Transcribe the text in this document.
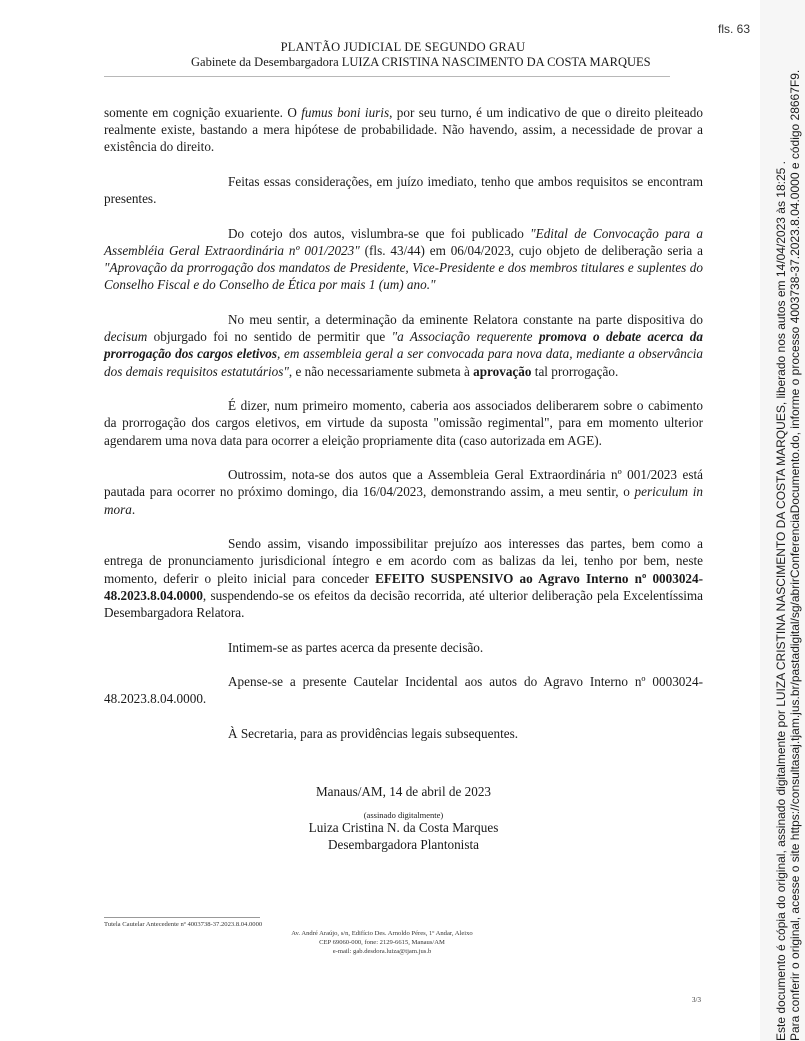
fls. 63
PLANTÃO JUDICIAL DE SEGUNDO GRAU
Gabinete da Desembargadora LUIZA CRISTINA NASCIMENTO DA COSTA MARQUES

somente em cognição exuariente. O fumus boni iuris, por seu turno, é um indicativo de que o direito pleiteado realmente existe, bastando a mera hipótese de probabilidade. Não havendo, assim, a necessidade de provar a existência do direito.

Feitas essas considerações, em juízo imediato, tenho que ambos requisitos se encontram presentes.

Do cotejo dos autos, vislumbra-se que foi publicado "Edital de Convocação para a Assembléia Geral Extraordinária nº 001/2023" (fls. 43/44) em 06/04/2023, cujo objeto de deliberação seria a "Aprovação da prorrogação dos mandatos de Presidente, Vice-Presidente e dos membros titulares e suplentes do Conselho Fiscal e do Conselho de Ética por mais 1 (um) ano."

No meu sentir, a determinação da eminente Relatora constante na parte dispositiva do decisum objurgado foi no sentido de permitir que "a Associação requerente promova o debate acerca da prorrogação dos cargos eletivos, em assembleia geral a ser convocada para nova data, mediante a observância dos demais requisitos estatutários", e não necessariamente submeta à aprovação tal prorrogação.

É dizer, num primeiro momento, caberia aos associados deliberarem sobre o cabimento da prorrogação dos cargos eletivos, em virtude da suposta "omissão regimental", para em momento ulterior agendarem uma nova data para ocorrer a eleição propriamente dita (caso autorizada em AGE).

Outrossim, nota-se dos autos que a Assembleia Geral Extraordinária nº 001/2023 está pautada para ocorrer no próximo domingo, dia 16/04/2023, demonstrando assim, a meu sentir, o periculum in mora.

Sendo assim, visando impossibilitar prejuízo aos interesses das partes, bem como a entrega de pronunciamento jurisdicional íntegro e em acordo com as balizas da lei, tenho por bem, neste momento, deferir o pleito inicial para conceder EFEITO SUSPENSIVO ao Agravo Interno nº 0003024-48.2023.8.04.0000, suspendendo-se os efeitos da decisão recorrida, até ulterior deliberação pela Excelentíssima Desembargadora Relatora.

Intimem-se as partes acerca da presente decisão.

Apense-se a presente Cautelar Incidental aos autos do Agravo Interno nº 0003024-48.2023.8.04.0000.

À Secretaria, para as providências legais subsequentes.

Manaus/AM, 14 de abril de 2023
(assinado digitalmente)
Luiza Cristina N. da Costa Marques
Desembargadora Plantonista
Tutela Cautelar Antecedente nº 4003738-37.2023.8.04.0000
Av. André Araújo, s/n, Edifício Des. Arnoldo Péres, 1º Andar, Aleixo
CEP 69060-000, fone: 2129-6615, Manaus/AM
e-mail: gab.desdora.luiza@tjam.jus.b
3/3	Este documento é cópia do original, assinado digitalmente por LUIZA CRISTINA NASCIMENTO DA COSTA MARQUES, liberado nos autos em 14/04/2023 às 18:25 . Para conferir o original, acesse o site https://consultasaj.tjam.jus.br/pastadigital/sg/abrirConferenciaDocumento.do, informe o processo 4003738-37.2023.8.04.0000 e código 28667F9.
